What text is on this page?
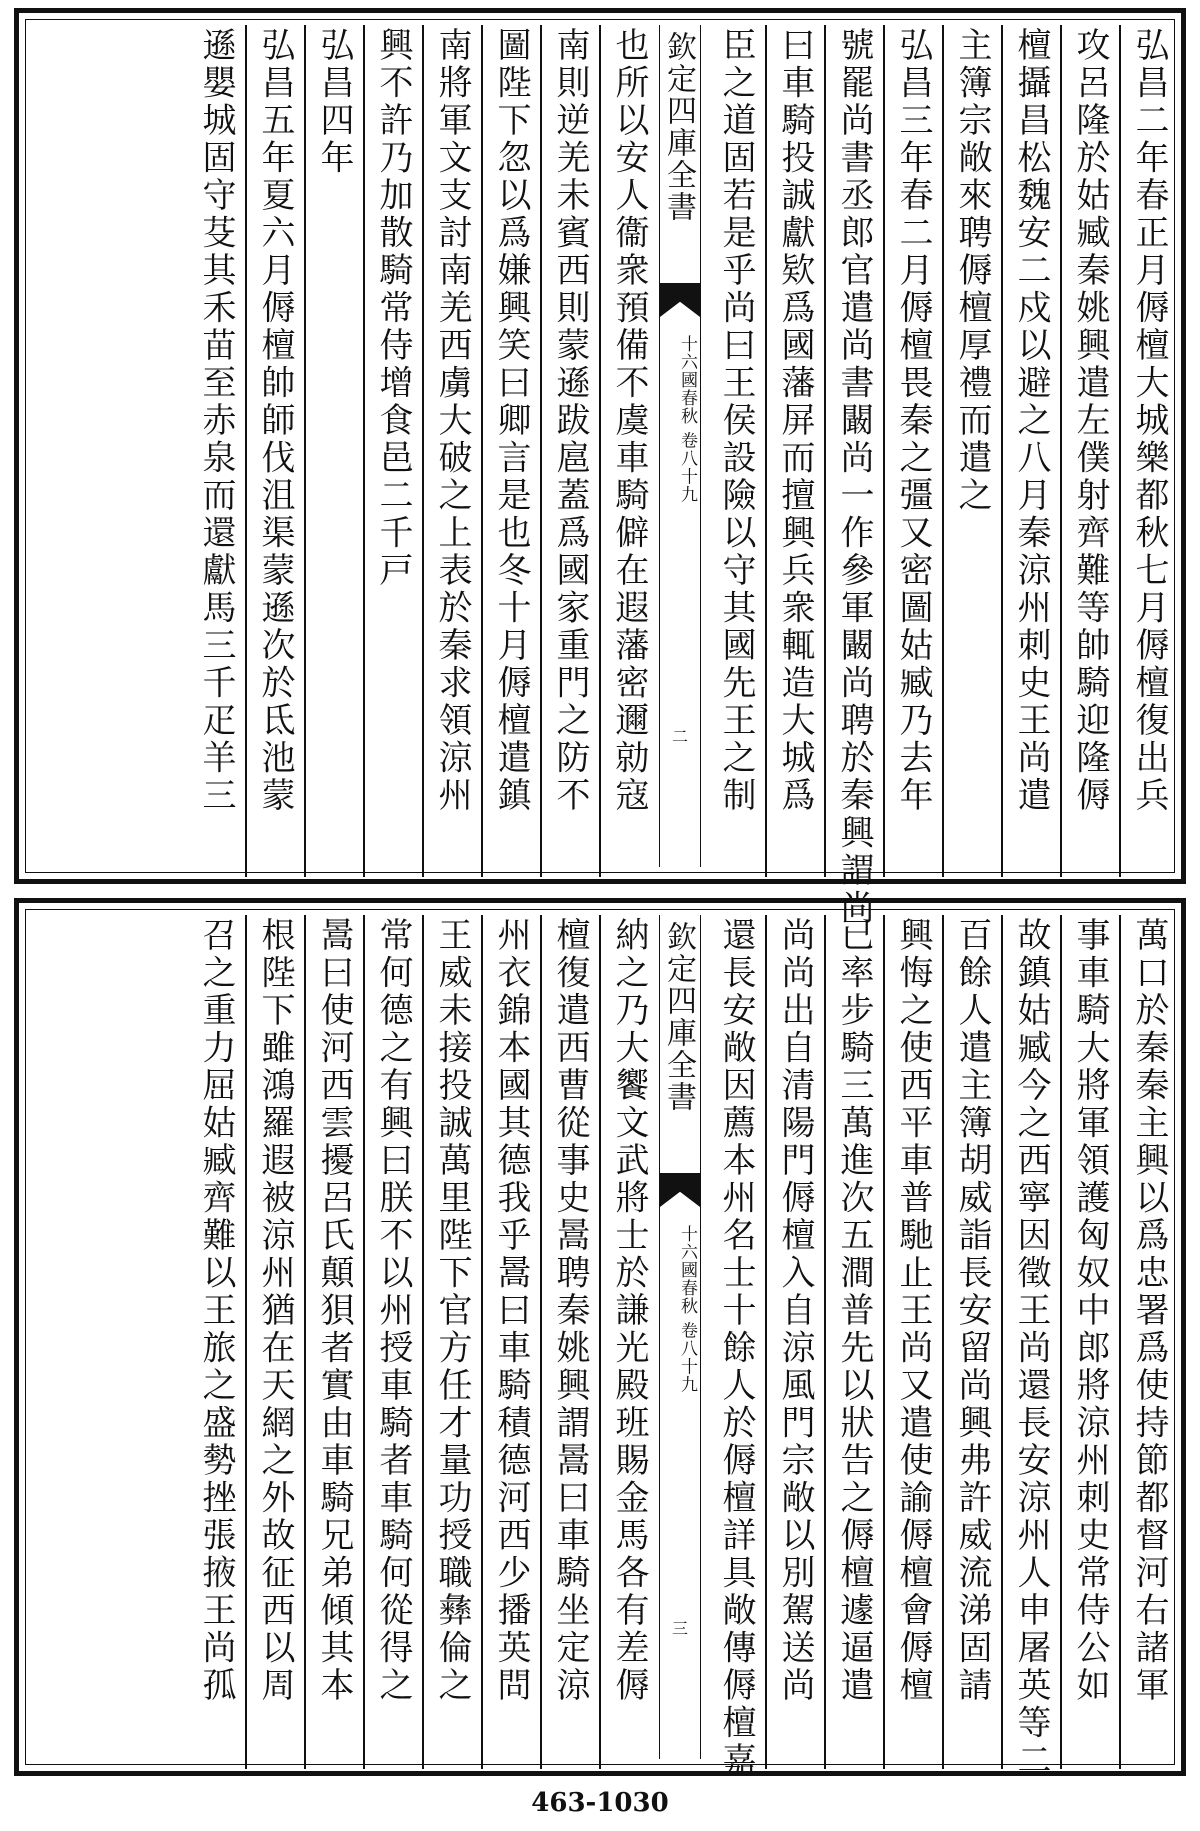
弘昌二年春正月傉檀大城樂都秋七月傉檀復出兵
攻呂隆於姑臧秦姚興遣左僕射齊難等帥騎迎隆傉
檀攝昌松魏安二戍以避之八月秦涼州刺史王尚遣
主簿宗敞來聘傉檀厚禮而遣之
弘昌三年春二月傉檀畏秦之彊又密圖姑臧乃去年
號罷尚書丞郎官遣尚書闞尚一作參軍闞尚聘於秦興謂尚
曰車騎投誠獻欵爲國藩屏而擅興兵衆輒造大城爲
臣之道固若是乎尚曰王侯設險以守其國先王之制
欽定四庫全書
十六國春秋 卷八十九
二
也所以安人衞衆預備不虞車騎僻在遐藩密邇勍寇
南則逆羌未賓西則蒙遜跋扈蓋爲國家重門之防不
圖陛下忽以爲嫌興笑曰卿言是也冬十月傉檀遣鎮
南將軍文支討南羌西虜大破之上表於秦求領涼州
興不許乃加散騎常侍增食邑二千戸
弘昌四年
弘昌五年夏六月傉檀帥師伐沮渠蒙遜次於氐池蒙
遜嬰城固守芟其禾苗至赤泉而還獻馬三千疋羊三
萬口於秦秦主興以爲忠署爲使持節都督河右諸軍
事車騎大將軍領護匈奴中郎將涼州刺史常侍公如
故鎮姑臧今之西寧因徵王尚還長安涼州人申屠英等二
百餘人遣主簿胡威詣長安留尚興弗許威流涕固請
興悔之使西平車普馳止王尚又遣使諭傉檀會傉檀
已率步騎三萬進次五澗普先以狀告之傉檀遽逼遣
尚尚出自清陽門傉檀入自涼風門宗敞以別駕送尚
還長安敞因薦本州名士十餘人於傉檀詳具敞傳傉檀嘉
欽定四庫全書
十六國春秋 卷八十九
三
納之乃大饗文武將士於謙光殿班賜金馬各有差傉
檀復遣西曹從事史暠聘秦姚興謂暠曰車騎坐定涼
州衣錦本國其德我乎暠曰車騎積德河西少播英問
王威未接投誠萬里陛下官方任才量功授職彝倫之
常何德之有興曰朕不以州授車騎者車騎何從得之
暠曰使河西雲擾呂氏顛狽者實由車騎兄弟傾其本
根陛下雖鴻羅遐被涼州猶在天網之外故征西以周
召之重力屈姑臧齊難以王旅之盛勢挫張掖王尚孤
463-1030
